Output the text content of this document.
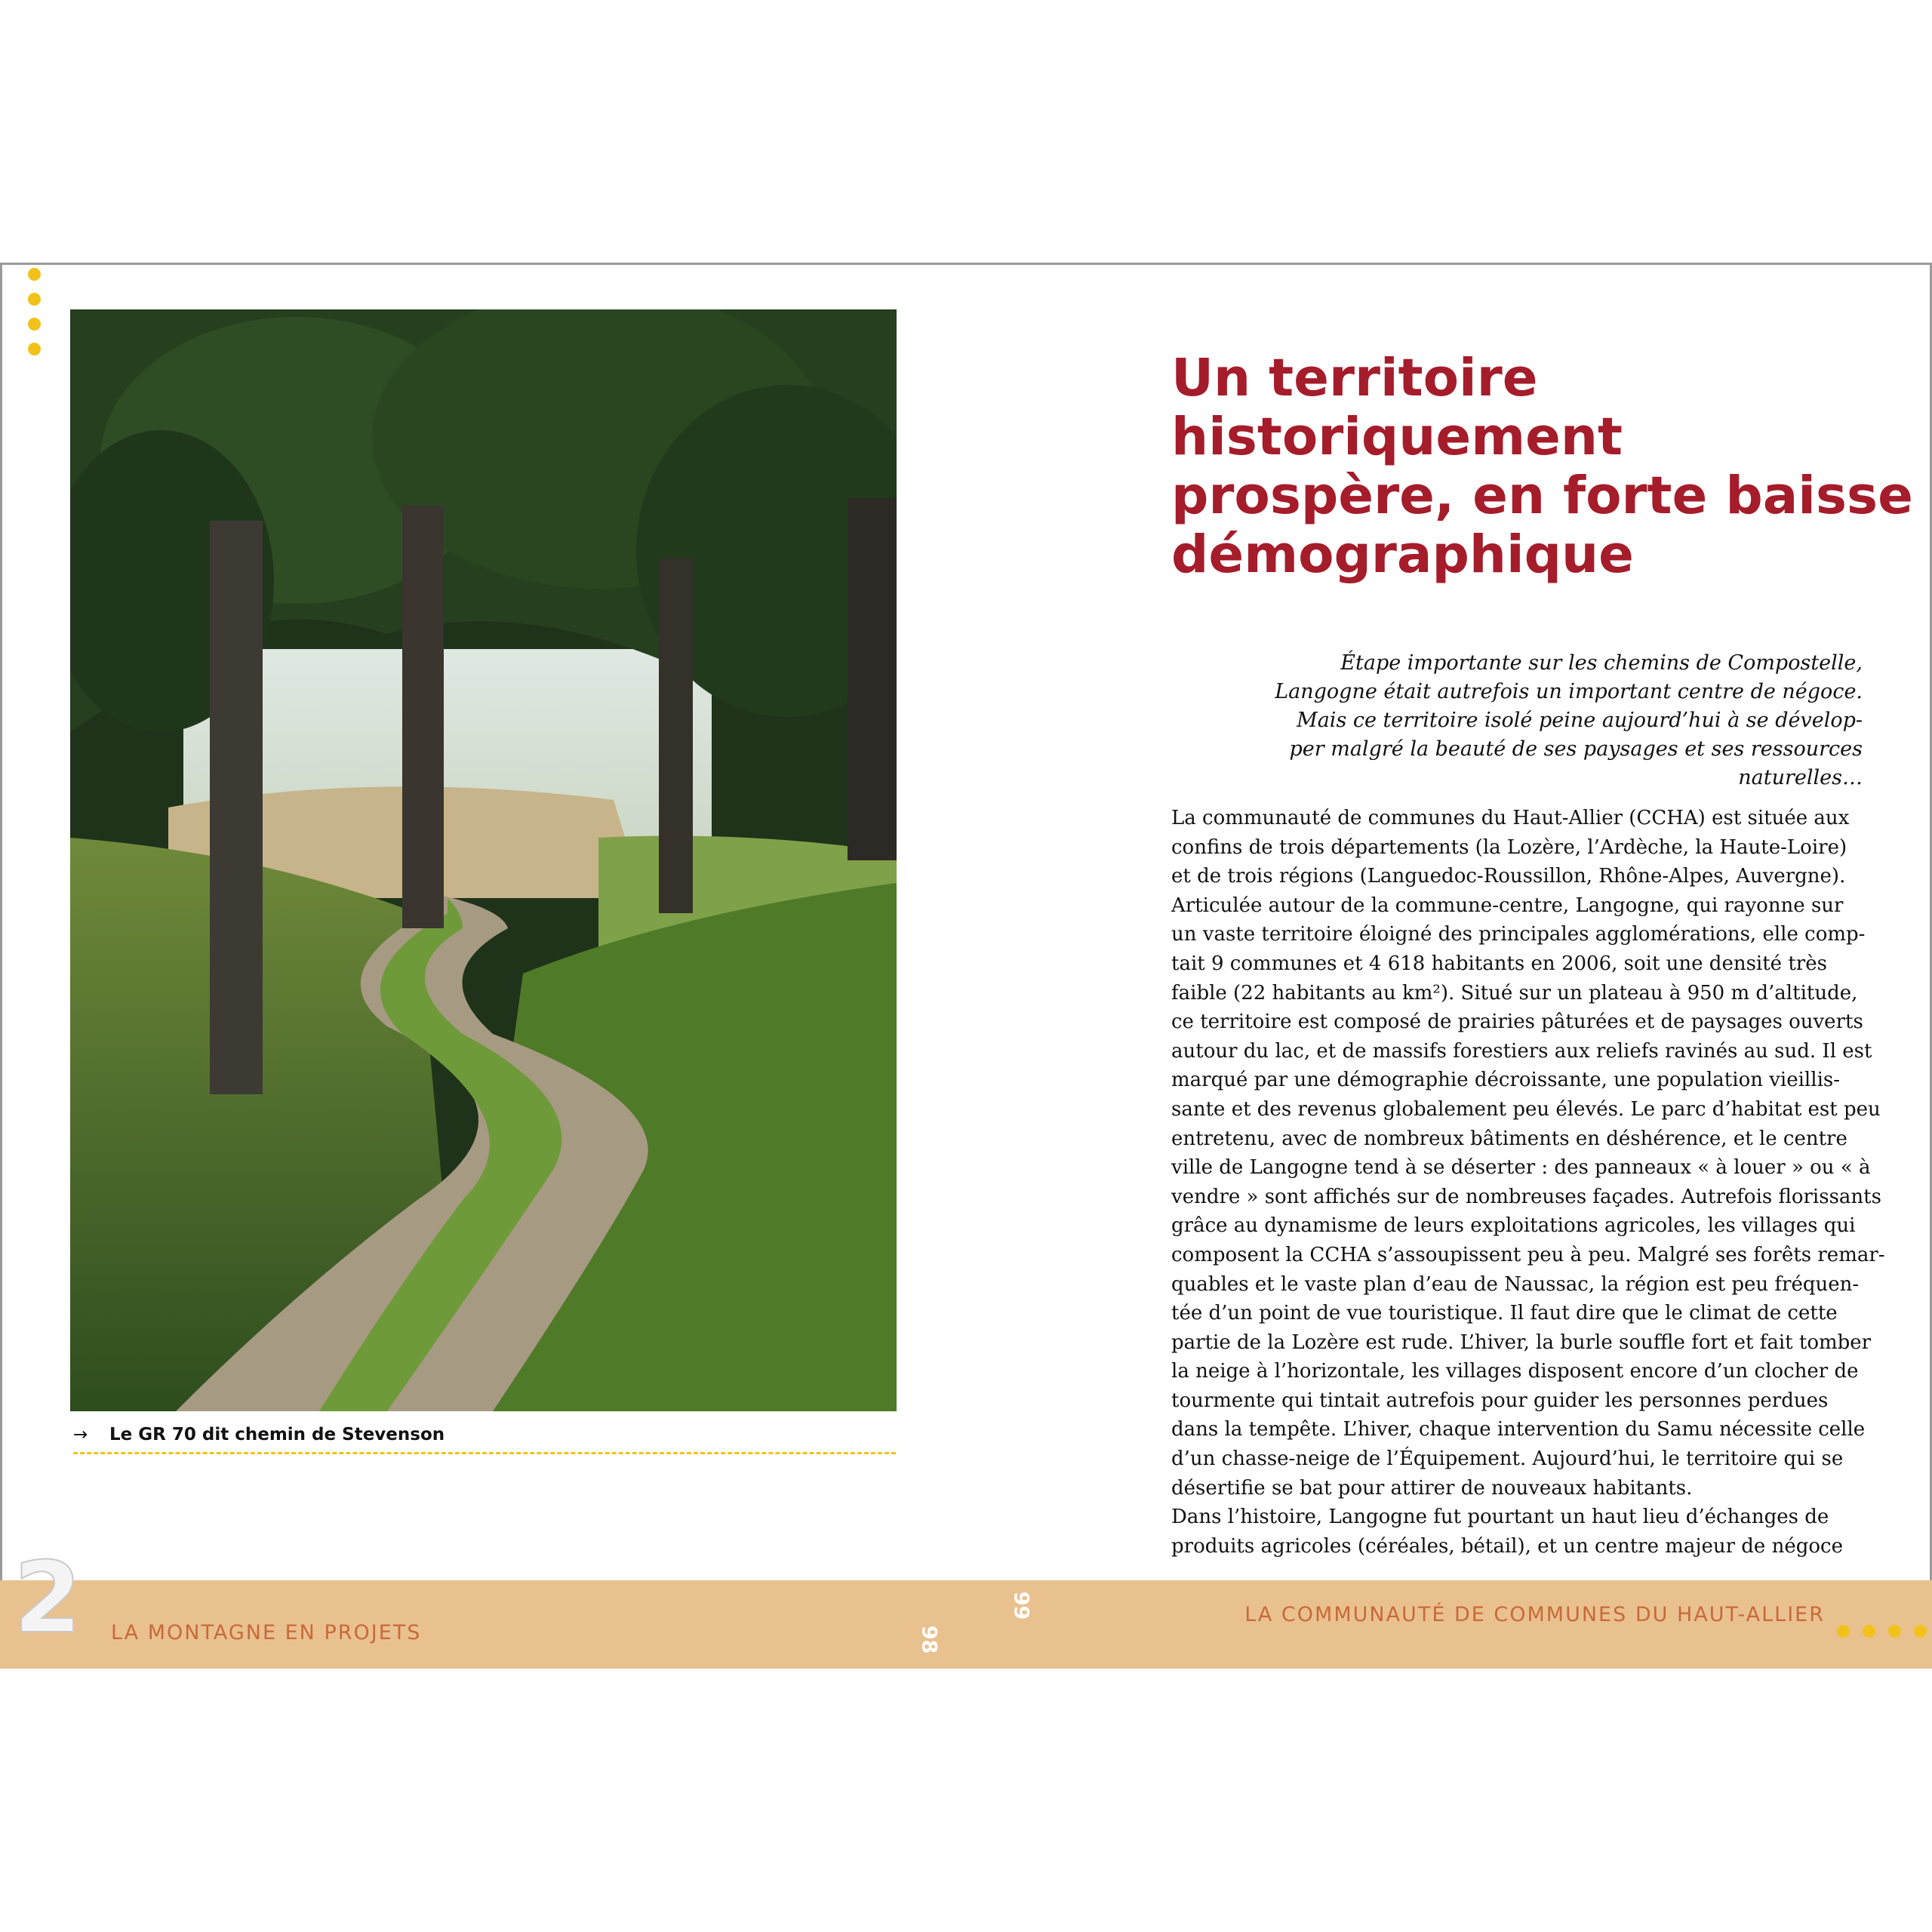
→ Le GR 70 dit chemin de Stevenson
Un territoire
historiquement
prospère, en forte baisse
démographique
Étape importante sur les chemins de Compostelle,
Langogne était autrefois un important centre de négoce.
Mais ce territoire isolé peine aujourd’hui à se dévelop-
per malgré la beauté de ses paysages et ses ressources
naturelles…
La communauté de communes du Haut-Allier (CCHA) est située aux
confins de trois départements (la Lozère, l’Ardèche, la Haute-Loire)
et de trois régions (Languedoc-Roussillon, Rhône-Alpes, Auvergne).
Articulée autour de la commune-centre, Langogne, qui rayonne sur
un vaste territoire éloigné des principales agglomérations, elle comp-
tait 9 communes et 4 618 habitants en 2006, soit une densité très
faible (22 habitants au km²). Situé sur un plateau à 950 m d’altitude,
ce territoire est composé de prairies pâturées et de paysages ouverts
autour du lac, et de massifs forestiers aux reliefs ravinés au sud. Il est
marqué par une démographie décroissante, une population vieillis-
sante et des revenus globalement peu élevés. Le parc d’habitat est peu
entretenu, avec de nombreux bâtiments en déshérence, et le centre
ville de Langogne tend à se déserter : des panneaux « à louer » ou « à
vendre » sont affichés sur de nombreuses façades. Autrefois florissants
grâce au dynamisme de leurs exploitations agricoles, les villages qui
composent la CCHA s’assoupissent peu à peu. Malgré ses forêts remar-
quables et le vaste plan d’eau de Naussac, la région est peu fréquen-
tée d’un point de vue touristique. Il faut dire que le climat de cette
partie de la Lozère est rude. L’hiver, la burle souffle fort et fait tomber
la neige à l’horizontale, les villages disposent encore d’un clocher de
tourmente qui tintait autrefois pour guider les personnes perdues
dans la tempête. L’hiver, chaque intervention du Samu nécessite celle
d’un chasse-neige de l’Équipement. Aujourd’hui, le territoire qui se
désertifie se bat pour attirer de nouveaux habitants.
Dans l’histoire, Langogne fut pourtant un haut lieu d’échanges de
produits agricoles (céréales, bétail), et un centre majeur de négoce
2 LA MONTAGNE EN PROJETS
LA COMMUNAUTÉ DE COMMUNES DU HAUT-ALLIER
98
99
